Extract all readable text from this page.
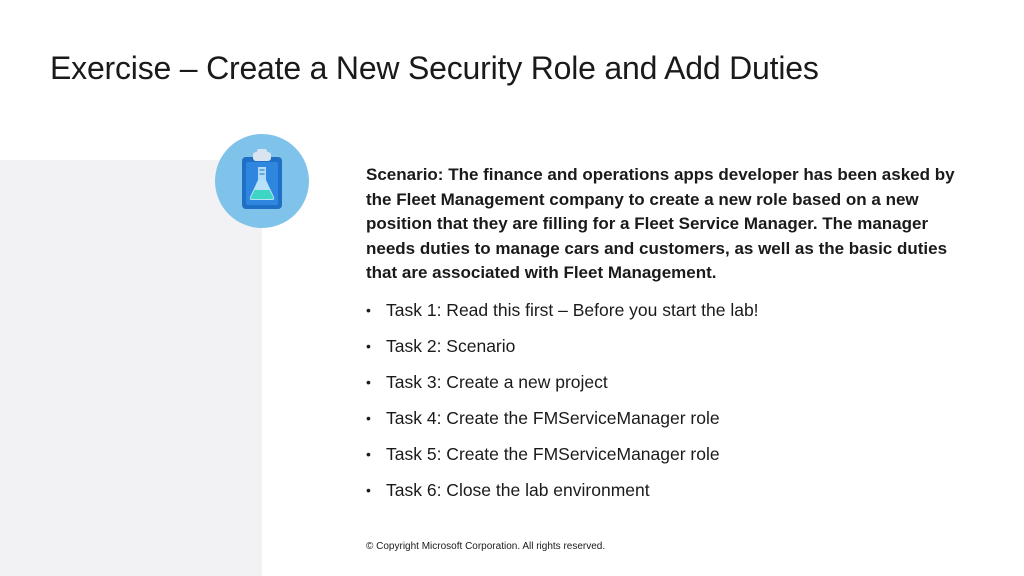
Exercise – Create a New Security Role and Add Duties

Scenario: The finance and operations apps developer has been asked by the Fleet Management company to create a new role based on a new position that they are filling for a Fleet Service Manager. The manager needs duties to manage cars and customers, as well as the basic duties that are associated with Fleet Management.

• Task 1: Read this first – Before you start the lab!
• Task 2: Scenario
• Task 3: Create a new project
• Task 4: Create the FMServiceManager role
• Task 5: Create the FMServiceManager role
• Task 6: Close the lab environment
© Copyright Microsoft Corporation. All rights reserved.
